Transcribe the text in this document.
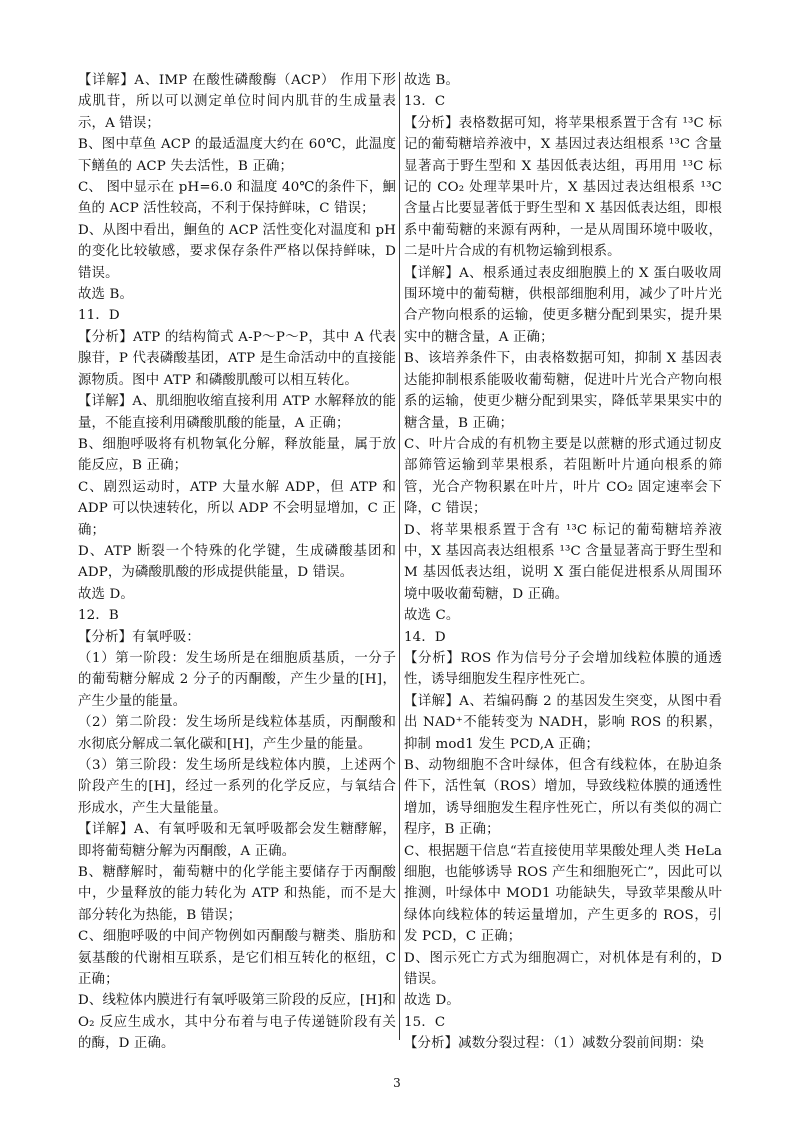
【详解】A、IMP 在酸性磷酸酶（ACP） 作用下形成肌苷，所以可以测定单位时间内肌苷的生成量表示，A 错误；

B、图中草鱼 ACP 的最适温度大约在 60℃，此温度下鳝鱼的 ACP 失去活性，B 正确；

C、 图中显示在 pH=6.0 和温度 40℃的条件下，鮰鱼的 ACP 活性较高，不利于保持鲜味，C 错误；

D、从图中看出，鮰鱼的 ACP 活性变化对温度和 pH 的变化比较敏感，要求保存条件严格以保持鲜味，D 错误。

故选 B。

11．D

【分析】ATP 的结构简式 A-P～P～P，其中 A 代表腺苷，P 代表磷酸基团，ATP 是生命活动中的直接能源物质。图中 ATP 和磷酸肌酸可以相互转化。

【详解】A、肌细胞收缩直接利用 ATP 水解释放的能量，不能直接利用磷酸肌酸的能量，A 正确；

B、细胞呼吸将有机物氧化分解，释放能量，属于放能反应，B 正确；

C、剧烈运动时，ATP 大量水解 ADP，但 ATP 和 ADP 可以快速转化，所以 ADP 不会明显增加，C 正确；

D、ATP 断裂一个特殊的化学键，生成磷酸基团和 ADP，为磷酸肌酸的形成提供能量，D 错误。

故选 D。

12．B

【分析】有氧呼吸：

（1）第一阶段：发生场所是在细胞质基质，一分子的葡萄糖分解成 2 分子的丙酮酸，产生少量的[H]，产生少量的能量。

（2）第二阶段：发生场所是线粒体基质，丙酮酸和水彻底分解成二氧化碳和[H]，产生少量的能量。

（3）第三阶段：发生场所是线粒体内膜，上述两个阶段产生的[H]，经过一系列的化学反应，与氧结合形成水，产生大量能量。

【详解】A、有氧呼吸和无氧呼吸都会发生糖酵解，即将葡萄糖分解为丙酮酸，A 正确。

B、糖酵解时，葡萄糖中的化学能主要储存于丙酮酸中，少量释放的能力转化为 ATP 和热能，而不是大部分转化为热能，B 错误；

C、细胞呼吸的中间产物例如丙酮酸与糖类、脂肪和氨基酸的代谢相互联系，是它们相互转化的枢纽，C 正确；

D、线粒体内膜进行有氧呼吸第三阶段的反应，[H]和 O₂ 反应生成水，其中分布着与电子传递链阶段有关的酶，D 正确。

故选 B。

13．C

【分析】表格数据可知，将苹果根系置于含有 ¹³C 标记的葡萄糖培养液中，X 基因过表达组根系 ¹³C 含量显著高于野生型和 X 基因低表达组，再用用 ¹³C 标记的 CO₂ 处理苹果叶片，X 基因过表达组根系 ¹³C 含量占比要显著低于野生型和 X 基因低表达组，即根系中葡萄糖的来源有两种，一是从周围环境中吸收，二是叶片合成的有机物运输到根系。

【详解】A、根系通过表皮细胞膜上的 X 蛋白吸收周围环境中的葡萄糖，供根部细胞利用，减少了叶片光合产物向根系的运输，使更多糖分配到果实，提升果实中的糖含量，A 正确；

B、该培养条件下，由表格数据可知，抑制 X 基因表达能抑制根系能吸收葡萄糖，促进叶片光合产物向根系的运输，使更少糖分配到果实，降低苹果果实中的糖含量，B 正确；

C、叶片合成的有机物主要是以蔗糖的形式通过韧皮部筛管运输到苹果根系，若阻断叶片通向根系的筛管，光合产物积累在叶片，叶片 CO₂ 固定速率会下降，C 错误；

D、将苹果根系置于含有 ¹³C 标记的葡萄糖培养液中，X 基因高表达组根系 ¹³C 含量显著高于野生型和 M 基因低表达组，说明 X 蛋白能促进根系从周围环境中吸收葡萄糖，D 正确。

故选 C。

14．D

【分析】ROS 作为信号分子会增加线粒体膜的通透性，诱导细胞发生程序性死亡。

【详解】A、若编码酶 2 的基因发生突变，从图中看出 NAD⁺不能转变为 NADH，影响 ROS 的积累，抑制 mod1 发生 PCD,A 正确；

B、动物细胞不含叶绿体，但含有线粒体，在胁迫条件下，活性氧（ROS）增加，导致线粒体膜的通透性增加，诱导细胞发生程序性死亡，所以有类似的凋亡程序，B 正确；

C、根据题干信息“若直接使用苹果酸处理人类 HeLa 细胞，也能够诱导 ROS 产生和细胞死亡”，因此可以推测，叶绿体中 MOD1 功能缺失，导致苹果酸从叶绿体向线粒体的转运量增加，产生更多的 ROS，引发 PCD，C 正确；

D、图示死亡方式为细胞凋亡，对机体是有利的，D 错误。

故选 D。

15．C

【分析】减数分裂过程：（1）减数分裂前间期：染

3
